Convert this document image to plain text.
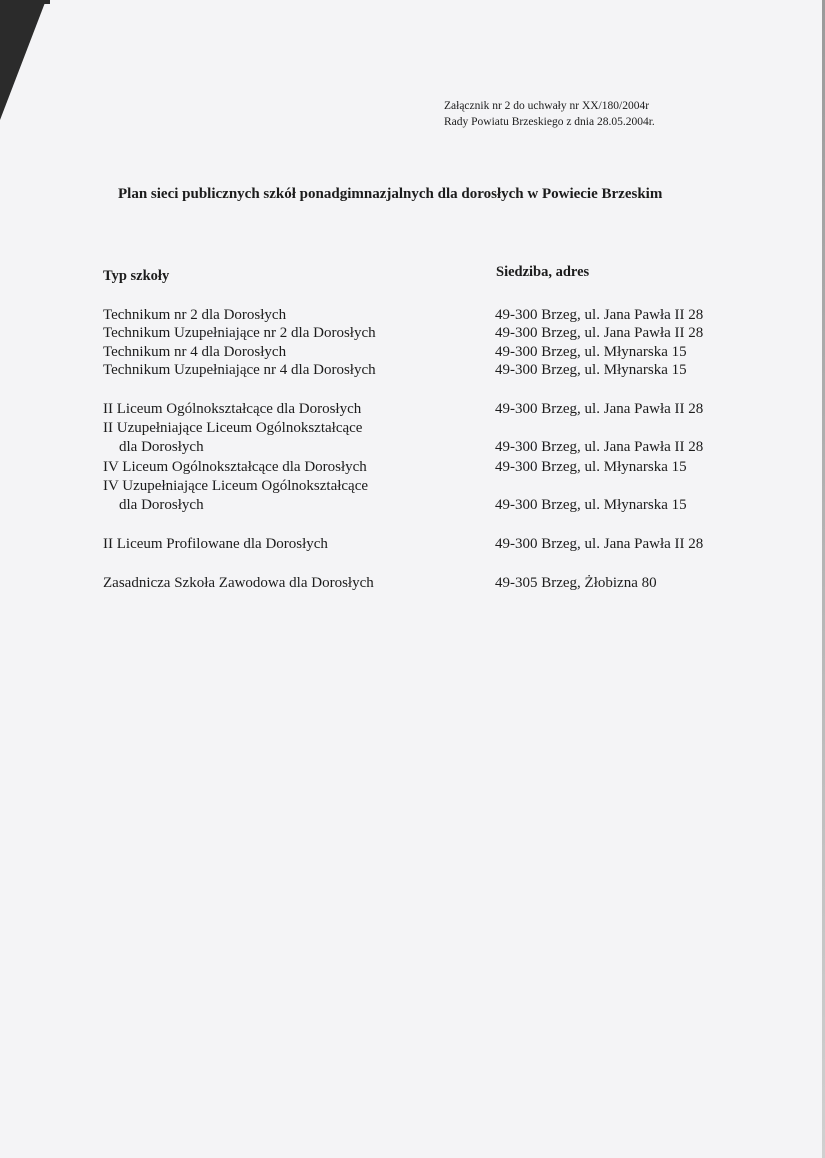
Załącznik nr 2 do uchwały nr XX/180/2004r
Rady Powiatu Brzeskiego z dnia 28.05.2004r.
Plan sieci publicznych szkół ponadgimnazjalnych dla dorosłych w Powiecie Brzeskim
Typ szkoły	Siedziba, adres
Technikum nr 2 dla Dorosłych	49-300 Brzeg, ul. Jana Pawła II 28
Technikum Uzupełniające nr 2 dla Dorosłych	49-300 Brzeg, ul. Jana Pawła II 28
Technikum nr 4 dla Dorosłych	49-300 Brzeg, ul. Młynarska 15
Technikum Uzupełniające nr 4 dla Dorosłych	49-300 Brzeg, ul. Młynarska 15
II Liceum Ogólnokształcące dla Dorosłych	49-300 Brzeg, ul. Jana Pawła II 28
II Uzupełniające Liceum Ogólnokształcące
dla Dorosłych	49-300 Brzeg, ul. Jana Pawła II 28
IV Liceum Ogólnokształcące dla Dorosłych	49-300 Brzeg, ul. Młynarska 15
IV Uzupełniające Liceum Ogólnokształcące
dla Dorosłych	49-300 Brzeg, ul. Młynarska 15
II Liceum Profilowane dla Dorosłych	49-300 Brzeg, ul. Jana Pawła II 28
Zasadnicza Szkoła Zawodowa dla Dorosłych	49-305 Brzeg, Żłobizna 80
